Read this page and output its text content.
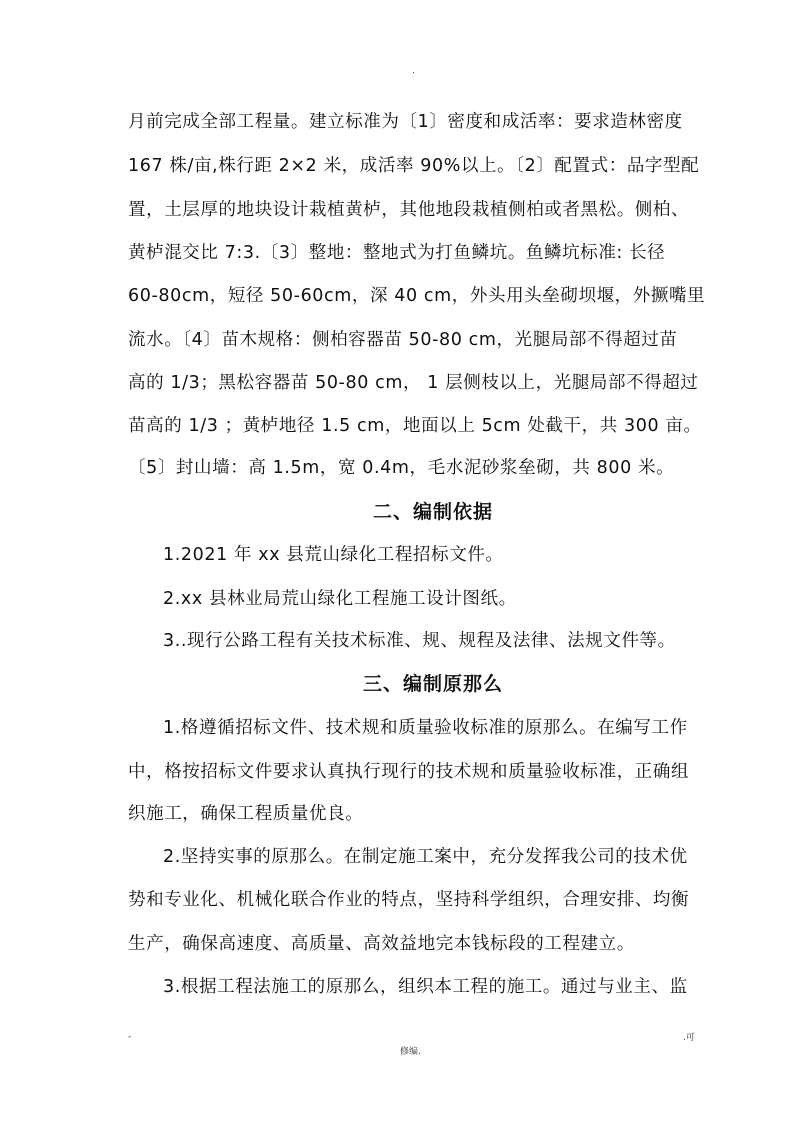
.
月前完成全部工程量。建立标准为〔1〕密度和成活率：要求造林密度
167 株/亩,株行距 2×2 米，成活率 90%以上。〔2〕配置式：品字型配
置，土层厚的地块设计栽植黄栌，其他地段栽植侧柏或者黑松。侧柏、
黄栌混交比 7:3.〔3〕整地：整地式为打鱼鳞坑。鱼鳞坑标准: 长径
60-80cm，短径 50-60cm，深 40 cm，外头用头垒砌坝堰，外撅嘴里
流水。〔4〕苗木规格：侧柏容器苗 50-80 cm，光腿局部不得超过苗
高的 1/3；黑松容器苗 50-80 cm， 1 层侧枝以上，光腿局部不得超过
苗高的 1/3 ；黄栌地径 1.5 cm，地面以上 5cm 处截干，共 300 亩。
〔5〕封山墙：高 1.5m，宽 0.4m，毛水泥砂浆垒砌，共 800 米。
二、编制依据
1.2021 年 xx 县荒山绿化工程招标文件。
2.xx 县林业局荒山绿化工程施工设计图纸。
3..现行公路工程有关技术标准、规、规程及法律、法规文件等。
三、编制原那么
1.格遵循招标文件、技术规和质量验收标准的原那么。在编写工作
中，格按招标文件要求认真执行现行的技术规和质量验收标准，正确组
织施工，确保工程质量优良。
2.坚持实事的原那么。在制定施工案中，充分发挥我公司的技术优
势和专业化、机械化联合作业的特点，坚持科学组织，合理安排、均衡
生产，确保高速度、高质量、高效益地完本钱标段的工程建立。
3.根据工程法施工的原那么，组织本工程的施工。通过与业主、监
-	.可
修编.
